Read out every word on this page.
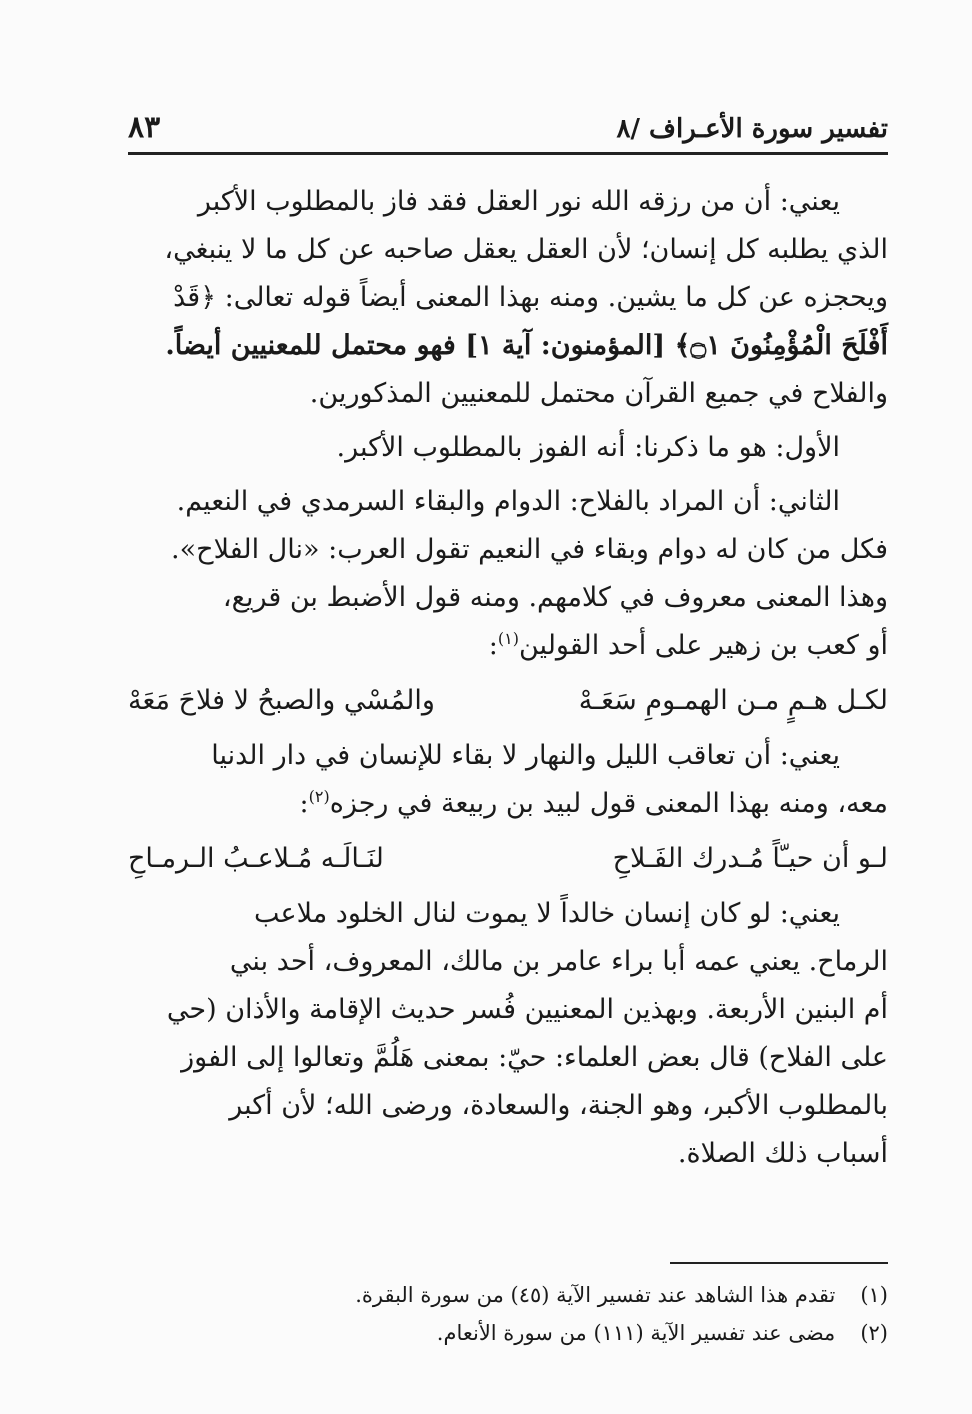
تفسير سورة الأعـراف /٨
٨٣
يعني: أن من رزقه الله نور العقل فقد فاز بالمطلوب الأكبر
الذي يطلبه كل إنسان؛ لأن العقل يعقل صاحبه عن كل ما لا ينبغي،
ويحجزه عن كل ما يشين. ومنه بهذا المعنى أيضاً قوله تعالى: ﴿قَدْ
أَفْلَحَ الْمُؤْمِنُونَ ۝١﴾ [المؤمنون: آية ١] فهو محتمل للمعنيين أيضاً.
والفلاح في جميع القرآن محتمل للمعنيين المذكورين.
الأول: هو ما ذكرنا: أنه الفوز بالمطلوب الأكبر.
الثاني: أن المراد بالفلاح: الدوام والبقاء السرمدي في النعيم.
فكل من كان له دوام وبقاء في النعيم تقول العرب: «نال الفلاح».
وهذا المعنى معروف في كلامهم. ومنه قول الأضبط بن قريع،
أو كعب بن زهير على أحد القولين$^{(١)}$:
لكـل هـمٍ مـن الهمـومِ سَعَـهْ
والمُسْي والصبحُ لا فلاحَ مَعَهْ
يعني: أن تعاقب الليل والنهار لا بقاء للإنسان في دار الدنيا
معه، ومنه بهذا المعنى قول لبيد بن ربيعة في رجزه$^{(٢)}$:
لـو أن حيـّاً مُـدرك الفَـلاحِ
لنَـالَـه مُـلاعـبُ الـرمـاحِ
يعني: لو كان إنسان خالداً لا يموت لنال الخلود ملاعب
الرماح. يعني عمه أبا براء عامر بن مالك، المعروف، أحد بني
أم البنين الأربعة. وبهذين المعنيين فُسر حديث الإقامة والأذان (حي
على الفلاح) قال بعض العلماء: حيّ: بمعنى هَلُمَّ وتعالوا إلى الفوز
بالمطلوب الأكبر، وهو الجنة، والسعادة، ورضى الله؛ لأن أكبر
أسباب ذلك الصلاة.
(١) تقدم هذا الشاهد عند تفسير الآية (٤٥) من سورة البقرة.
(٢) مضى عند تفسير الآية (١١١) من سورة الأنعام.
